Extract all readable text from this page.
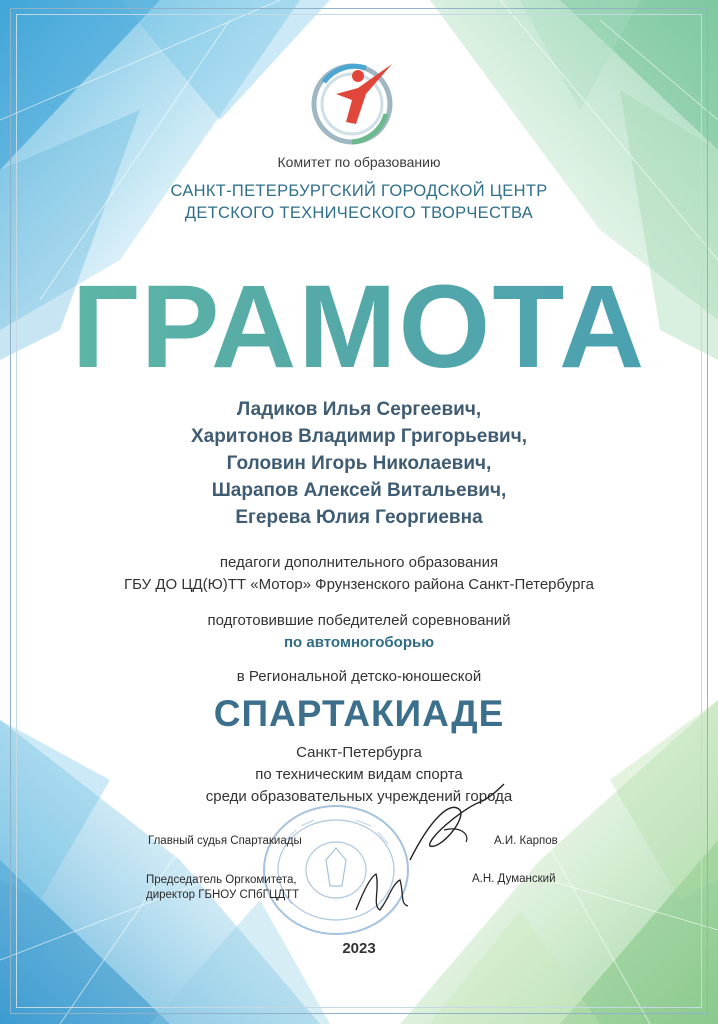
Комитет по образованию
САНКТ-ПЕТЕРБУРГСКИЙ ГОРОДСКОЙ ЦЕНТР
ДЕТСКОГО ТЕХНИЧЕСКОГО ТВОРЧЕСТВА
ГРАМОТА
Ладиков Илья Сергеевич,
Харитонов Владимир Григорьевич,
Головин Игорь Николаевич,
Шарапов Алексей Витальевич,
Егерева Юлия Георгиевна
педагоги дополнительного образования
ГБУ ДО ЦД(Ю)ТТ «Мотор» Фрунзенского района Санкт-Петербурга
подготовившие победителей соревнований
по автомногоборью
в Региональной детско-юношеской
СПАРТАКИАДЕ
Санкт-Петербурга
по техническим видам спорта
среди образовательных учреждений города
Главный судья Спартакиады	А.И. Карпов
Председатель Оргкомитета,
директор ГБНОУ СПбГЦДТТ
А.Н. Думанский
2023
